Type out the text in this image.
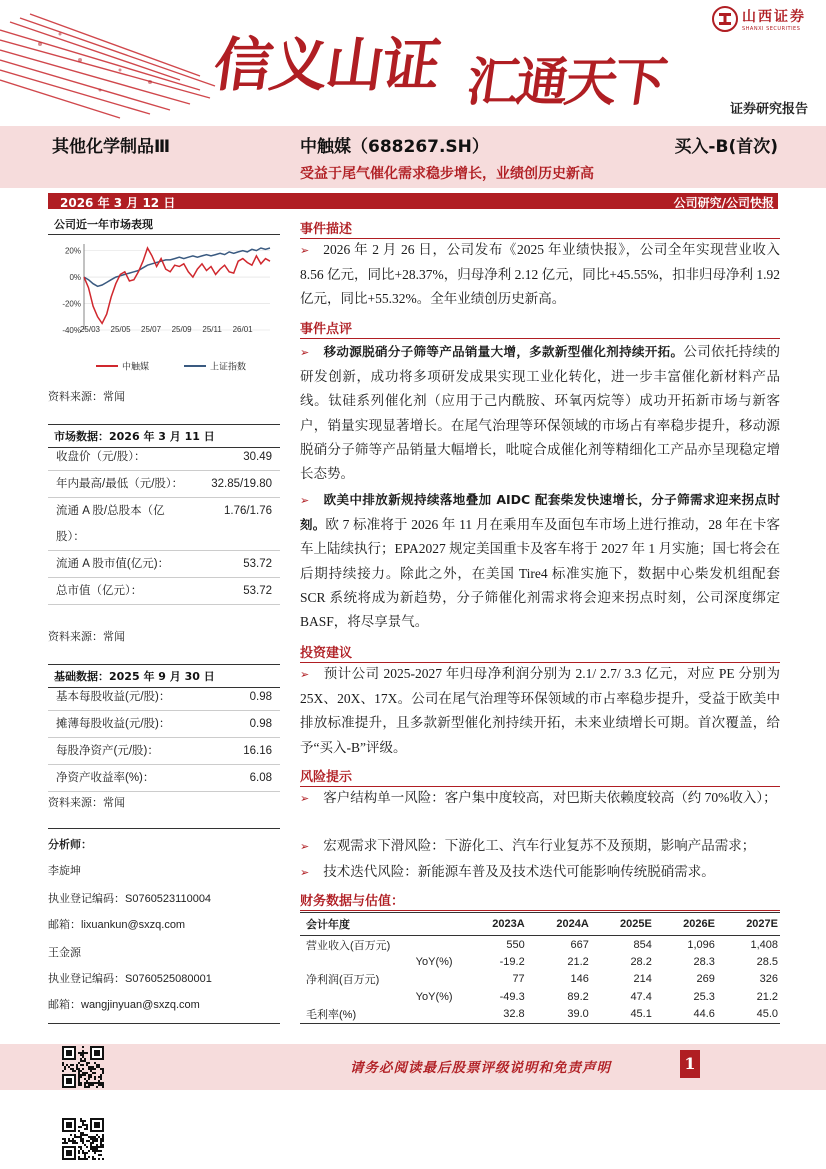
信义山证 汇通天下
山西证券
SHANXI SECURITIES
证券研究报告
其他化学制品Ⅲ	中触媒（688267.SH）	买入-B(首次)
受益于尾气催化需求稳步增长，业绩创历史新高
2026 年 3 月 12 日	公司研究/公司快报
公司近一年市场表现
20%
0%
-20%
-40%
25/03 25/05 25/07 25/09 25/11 26/01
中触媒	上证指数
资料来源：常闻
市场数据：2026 年 3 月 11 日
收盘价（元/股）：	30.49
年内最高/最低（元/股）： 32.85/19.80
流通 A 股/总股本（亿股）：
1.76/1.76
流通 A 股市值(亿元)：	53.72
总市值（亿元）：	53.72
资料来源：常闻
基础数据：2025 年 9 月 30 日
基本每股收益(元/股)：	0.98
摊薄每股收益(元/股)：	0.98
每股净资产(元/股)：	16.16
净资产收益率(%)：	6.08
资料来源：常闻
分析师：
李旋坤
执业登记编码：S0760523110004
邮箱：lixuankun@sxzq.com
王金源
执业登记编码：S0760525080001
邮箱：wangjinyuan@sxzq.com
事件描述
➢ 2026 年 2 月 26 日，公司发布《2025 年业绩快报》，公司全年实现营业收入 8.56 亿元，同比+28.37%，归母净利 2.12 亿元，同比+45.55%，扣非归母净利 1.92 亿元，同比+55.32%。全年业绩创历史新高。
事件点评
➢ 移动源脱硝分子筛等产品销量大增，多款新型催化剂持续开拓。公司依托持续的研发创新，成功将多项研发成果实现工业化转化，进一步丰富催化新材料产品线。钛硅系列催化剂（应用于己内酰胺、环氧丙烷等）成功开拓新市场与新客户，销量实现显著增长。在尾气治理等环保领域的市场占有率稳步提升，移动源脱硝分子筛等产品销量大幅增长，吡啶合成催化剂等精细化工产品亦呈现稳定增长态势。
➢ 欧美中排放新规持续落地叠加 AIDC 配套柴发快速增长，分子筛需求迎来拐点时刻。欧 7 标准将于 2026 年 11 月在乘用车及面包车市场上进行推动，28 年在卡客车上陆续执行；EPA2027 规定美国重卡及客车将于 2027 年 1 月实施；国七将会在后期持续接力。除此之外，在美国 Tire4 标准实施下，数据中心柴发机组配套 SCR 系统将成为新趋势，分子筛催化剂需求将会迎来拐点时刻，公司深度绑定 BASF，将尽享景气。
投资建议
➢ 预计公司 2025-2027 年归母净利润分别为 2.1/ 2.7/ 3.3 亿元，对应 PE 分别为 25X、20X、17X。公司在尾气治理等环保领域的市占率稳步提升，受益于欧美中排放标准提升，且多款新型催化剂持续开拓，未来业绩增长可期。首次覆盖，给予“买入-B”评级。
风险提示
➢ 客户结构单一风险：客户集中度较高，对巴斯夫依赖度较高（约 70%收入）；
➢ 宏观需求下滑风险：下游化工、汽车行业复苏不及预期，影响产品需求；
➢ 技术迭代风险：新能源车普及及技术迭代可能影响传统脱硝需求。
财务数据与估值：
会计年度	2023A	2024A	2025E	2026E	2027E
营业收入(百万元)	550	667	854	1,096	1,408
YoY(%)	-19.2	21.2	28.2	28.3	28.5
净利润(百万元)	77	146	214	269	326
YoY(%)	-49.3	89.2	47.4	25.3	21.2
毛利率(%)	32.8	39.0	45.1	44.6	45.0
请务必阅读最后股票评级说明和免责声明	1
